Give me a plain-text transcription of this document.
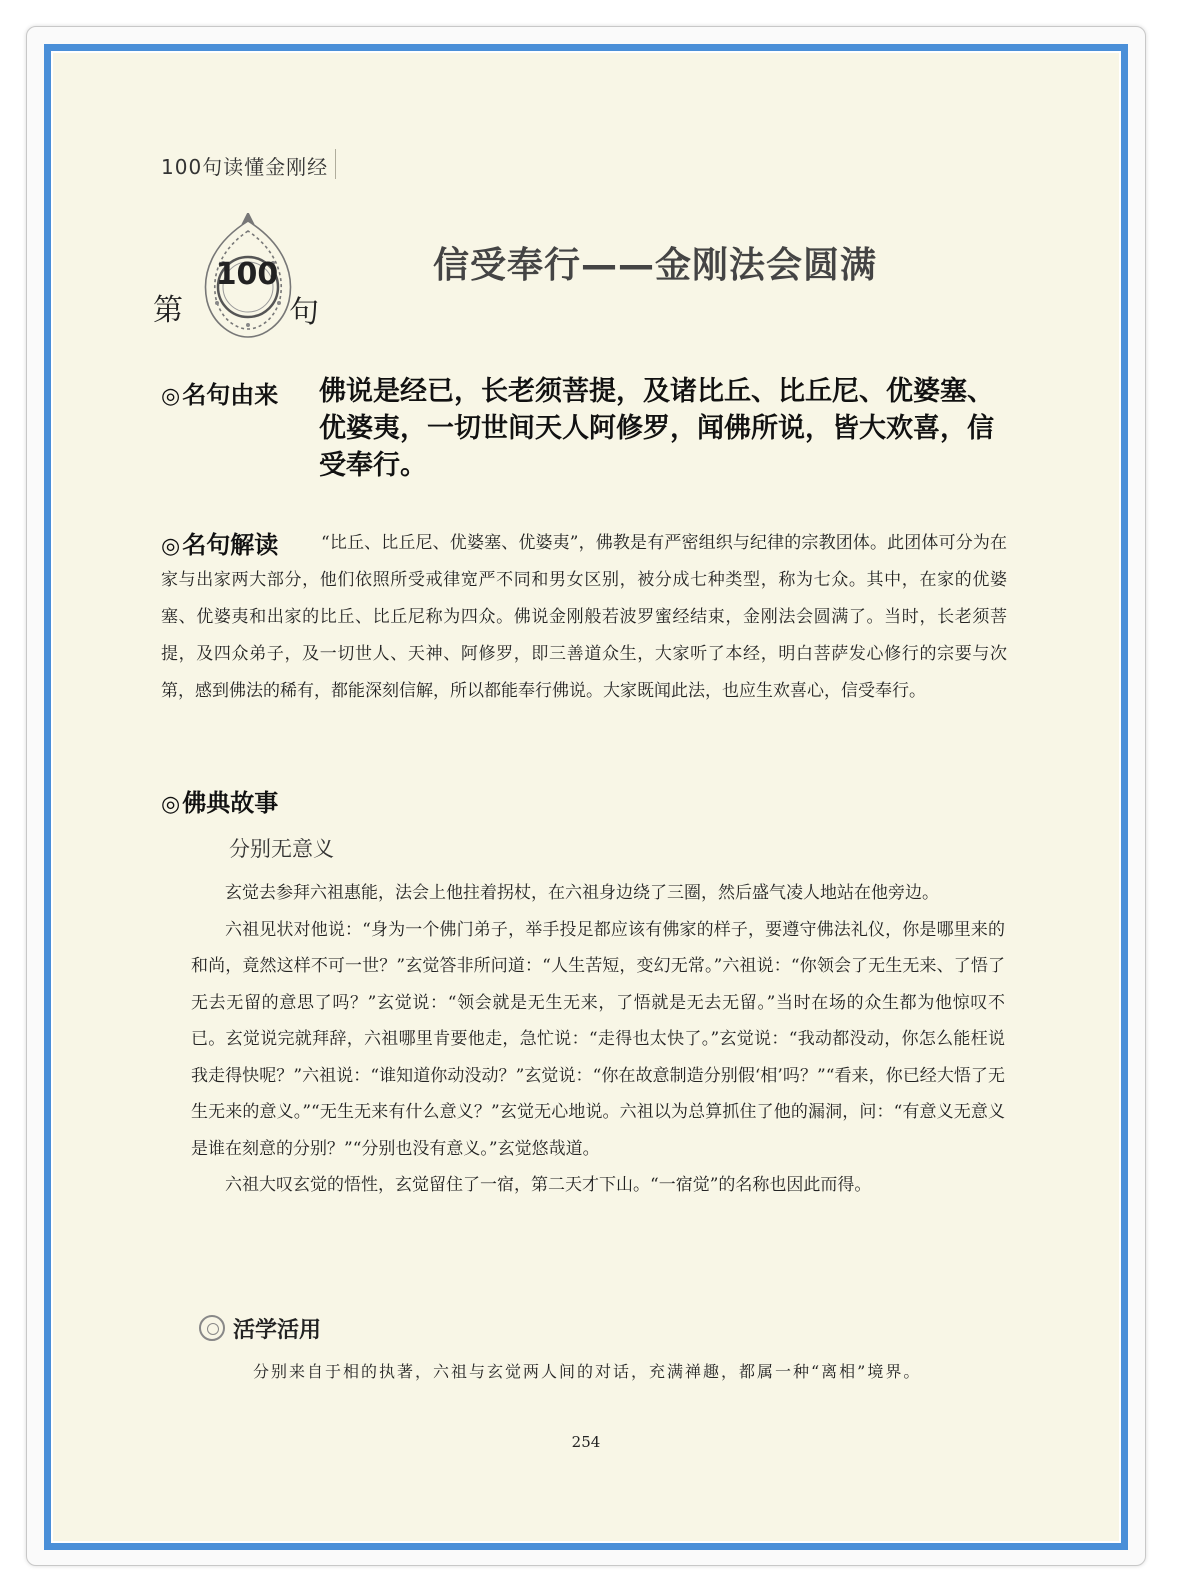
100句读懂金刚经
第
100
句
信受奉行——金刚法会圆满
◎名句由来 佛说是经已，长老须菩提，及诸比丘、比丘尼、优婆塞、优婆夷，一切世间天人阿修罗，闻佛所说，皆大欢喜，信受奉行。
◎名句解读	“比丘、比丘尼、优婆塞、优婆夷”，佛教是有严密组织与纪律的宗教团体。此团体可分为在家与出家两大部分，他们依照所受戒律宽严不同和男女区别，被分成七种类型，称为七众。其中，在家的优婆塞、优婆夷和出家的比丘、比丘尼称为四众。佛说金刚般若波罗蜜经结束，金刚法会圆满了。当时，长老须菩提，及四众弟子，及一切世人、天神、阿修罗，即三善道众生，大家听了本经，明白菩萨发心修行的宗要与次第，感到佛法的稀有，都能深刻信解，所以都能奉行佛说。大家既闻此法，也应生欢喜心，信受奉行。
◎佛典故事
分别无意义

玄觉去参拜六祖惠能，法会上他拄着拐杖，在六祖身边绕了三圈，然后盛气凌人地站在他旁边。

六祖见状对他说：“身为一个佛门弟子，举手投足都应该有佛家的样子，要遵守佛法礼仪，你是哪里来的和尚，竟然这样不可一世？”玄觉答非所问道：“人生苦短，变幻无常。”六祖说：“你领会了无生无来、了悟了无去无留的意思了吗？”玄觉说：“领会就是无生无来，了悟就是无去无留。”当时在场的众生都为他惊叹不已。玄觉说完就拜辞，六祖哪里肯要他走，急忙说：“走得也太快了。”玄觉说：“我动都没动，你怎么能枉说我走得快呢？”六祖说：“谁知道你动没动？”玄觉说：“你在故意制造分别假‘相’吗？”“看来，你已经大悟了无生无来的意义。”“无生无来有什么意义？”玄觉无心地说。六祖以为总算抓住了他的漏洞，问：“有意义无意义是谁在刻意的分别？”“分别也没有意义。”玄觉悠哉道。

六祖大叹玄觉的悟性，玄觉留住了一宿，第二天才下山。“一宿觉”的名称也因此而得。

活学活用
分别来自于相的执著，六祖与玄觉两人间的对话，充满禅趣，都属一种“离相”境界。
254
